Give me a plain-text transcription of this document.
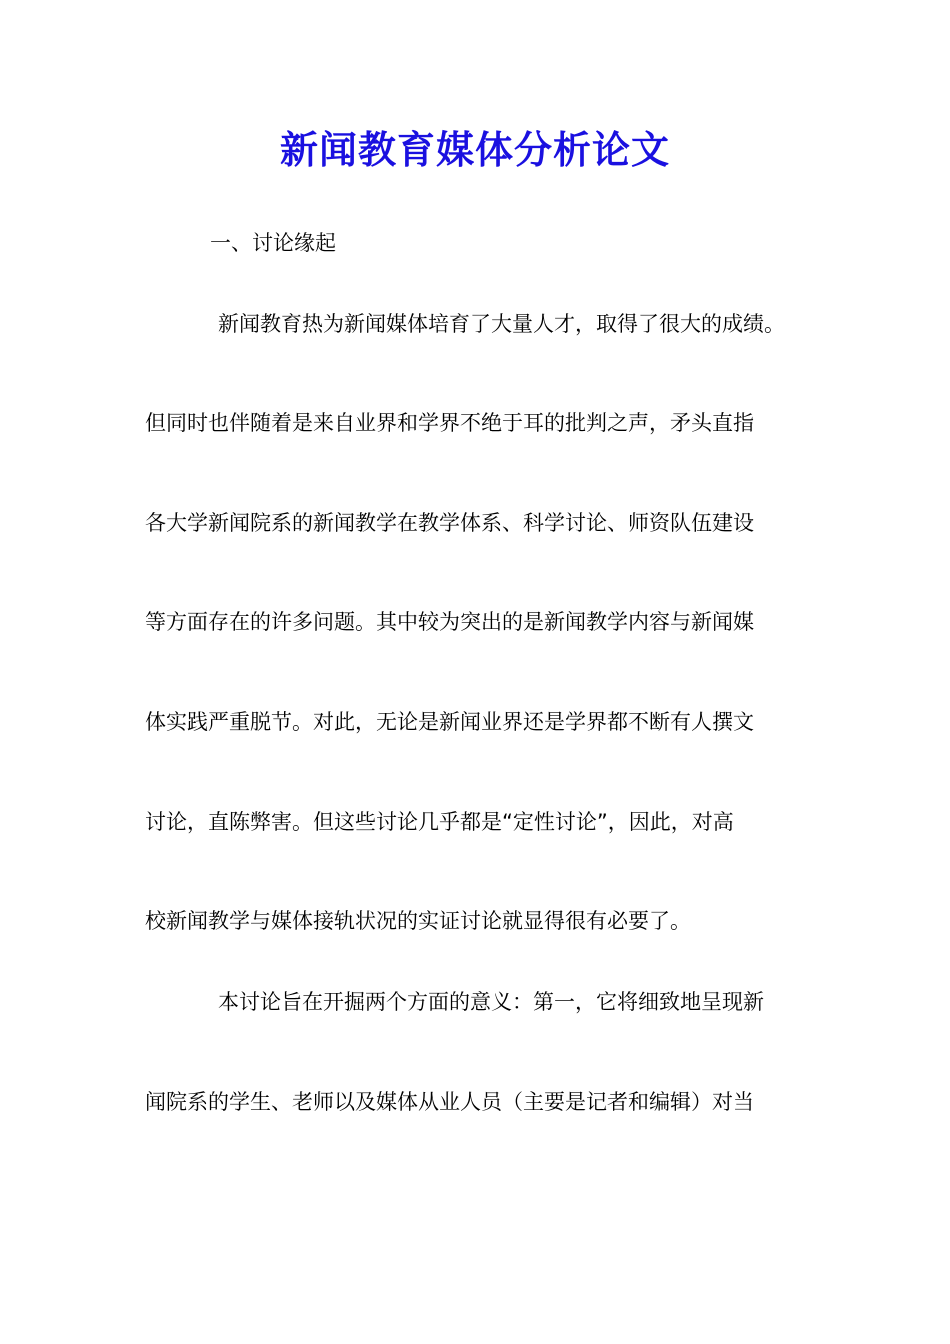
新闻教育媒体分析论文
一、讨论缘起
新闻教育热为新闻媒体培育了大量人才，取得了很大的成绩。
但同时也伴随着是来自业界和学界不绝于耳的批判之声，矛头直指
各大学新闻院系的新闻教学在教学体系、科学讨论、师资队伍建设
等方面存在的许多问题。其中较为突出的是新闻教学内容与新闻媒
体实践严重脱节。对此，无论是新闻业界还是学界都不断有人撰文
讨论，直陈弊害。但这些讨论几乎都是“定性讨论”，因此，对高
校新闻教学与媒体接轨状况的实证讨论就显得很有必要了。
本讨论旨在开掘两个方面的意义：第一，它将细致地呈现新
闻院系的学生、老师以及媒体从业人员（主要是记者和编辑）对当
